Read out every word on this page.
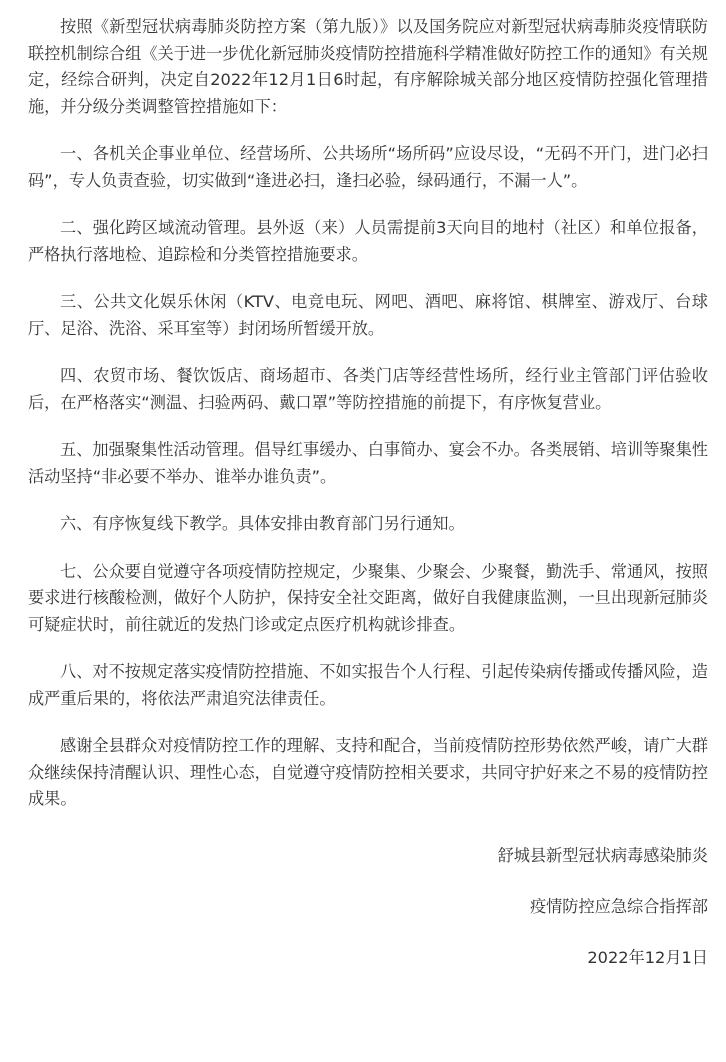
按照《新型冠状病毒肺炎防控方案（第九版）》以及国务院应对新型冠状病毒肺炎疫情联防联控机制综合组《关于进一步优化新冠肺炎疫情防控措施科学精准做好防控工作的通知》有关规定，经综合研判，决定自2022年12月1日6时起，有序解除城关部分地区疫情防控强化管理措施，并分级分类调整管控措施如下：

一、各机关企事业单位、经营场所、公共场所“场所码”应设尽设，“无码不开门，进门必扫码”，专人负责查验，切实做到“逢进必扫，逢扫必验，绿码通行，不漏一人”。

二、强化跨区域流动管理。县外返（来）人员需提前3天向目的地村（社区）和单位报备，严格执行落地检、追踪检和分类管控措施要求。

三、公共文化娱乐休闲（KTV、电竞电玩、网吧、酒吧、麻将馆、棋牌室、游戏厅、台球厅、足浴、洗浴、采耳室等）封闭场所暂缓开放。

四、农贸市场、餐饮饭店、商场超市、各类门店等经营性场所，经行业主管部门评估验收后，在严格落实“测温、扫验两码、戴口罩”等防控措施的前提下，有序恢复营业。

五、加强聚集性活动管理。倡导红事缓办、白事简办、宴会不办。各类展销、培训等聚集性活动坚持“非必要不举办、谁举办谁负责”。

六、有序恢复线下教学。具体安排由教育部门另行通知。

七、公众要自觉遵守各项疫情防控规定，少聚集、少聚会、少聚餐，勤洗手、常通风，按照要求进行核酸检测，做好个人防护，保持安全社交距离，做好自我健康监测，一旦出现新冠肺炎可疑症状时，前往就近的发热门诊或定点医疗机构就诊排查。

八、对不按规定落实疫情防控措施、不如实报告个人行程、引起传染病传播或传播风险，造成严重后果的，将依法严肃追究法律责任。

感谢全县群众对疫情防控工作的理解、支持和配合，当前疫情防控形势依然严峻，请广大群众继续保持清醒认识、理性心态，自觉遵守疫情防控相关要求，共同守护好来之不易的疫情防控成果。

舒城县新型冠状病毒感染肺炎

疫情防控应急综合指挥部

2022年12月1日
